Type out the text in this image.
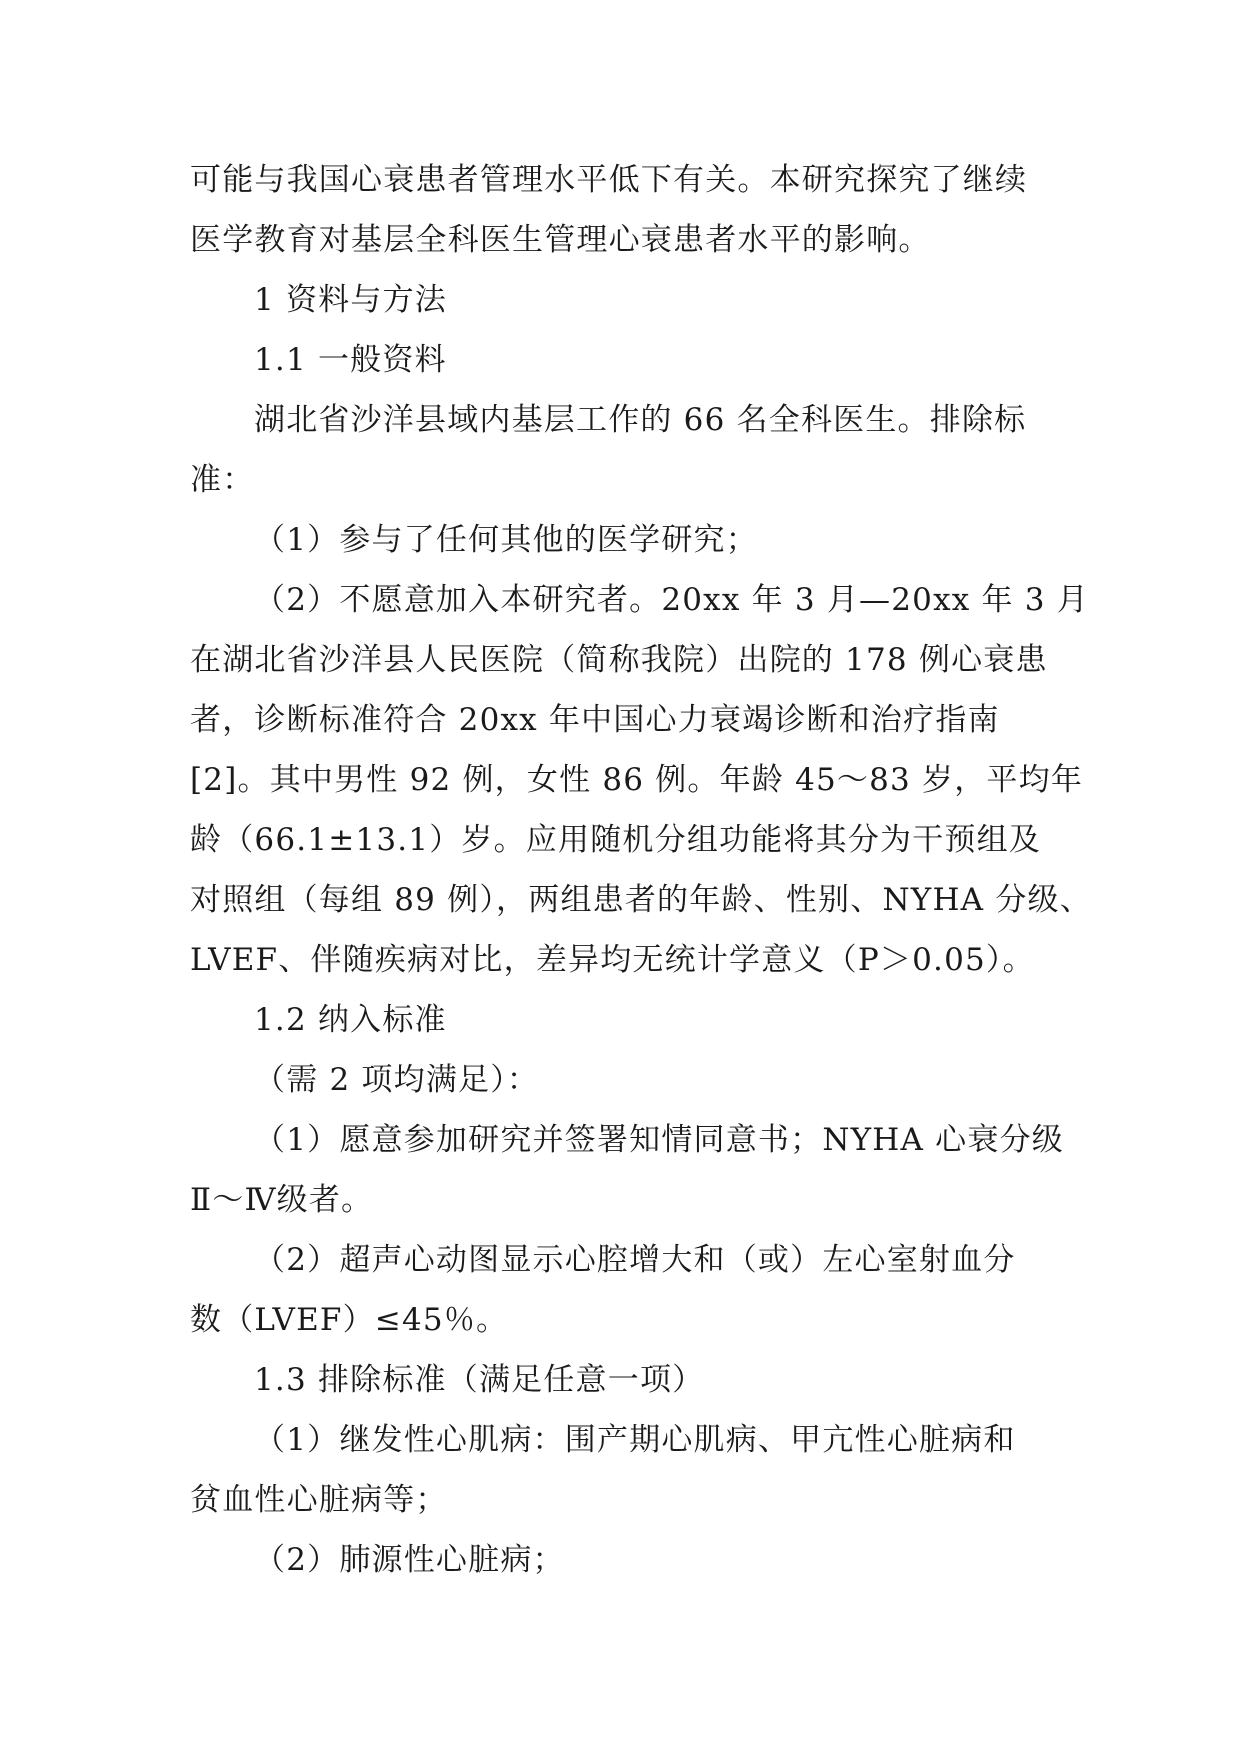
可能与我国心衰患者管理水平低下有关。本研究探究了继续
医学教育对基层全科医生管理心衰患者水平的影响。
1 资料与方法
1.1 一般资料
湖北省沙洋县域内基层工作的 66 名全科医生。排除标
准：
（1）参与了任何其他的医学研究；
（2）不愿意加入本研究者。20xx 年 3 月—20xx 年 3 月
在湖北省沙洋县人民医院（简称我院）出院的 178 例心衰患
者，诊断标准符合 20xx 年中国心力衰竭诊断和治疗指南
[2]。其中男性 92 例，女性 86 例。年龄 45～83 岁，平均年
龄（66.1±13.1）岁。应用随机分组功能将其分为干预组及
对照组（每组 89 例），两组患者的年龄、性别、NYHA 分级、
LVEF、伴随疾病对比，差异均无统计学意义（P＞0.05）。
1.2 纳入标准
（需 2 项均满足）：
（1）愿意参加研究并签署知情同意书；NYHA 心衰分级
Ⅱ～Ⅳ级者。
（2）超声心动图显示心腔增大和（或）左心室射血分
数（LVEF）≤45％。
1.3 排除标准（满足任意一项）
（1）继发性心肌病：围产期心肌病、甲亢性心脏病和
贫血性心脏病等；
（2）肺源性心脏病；
